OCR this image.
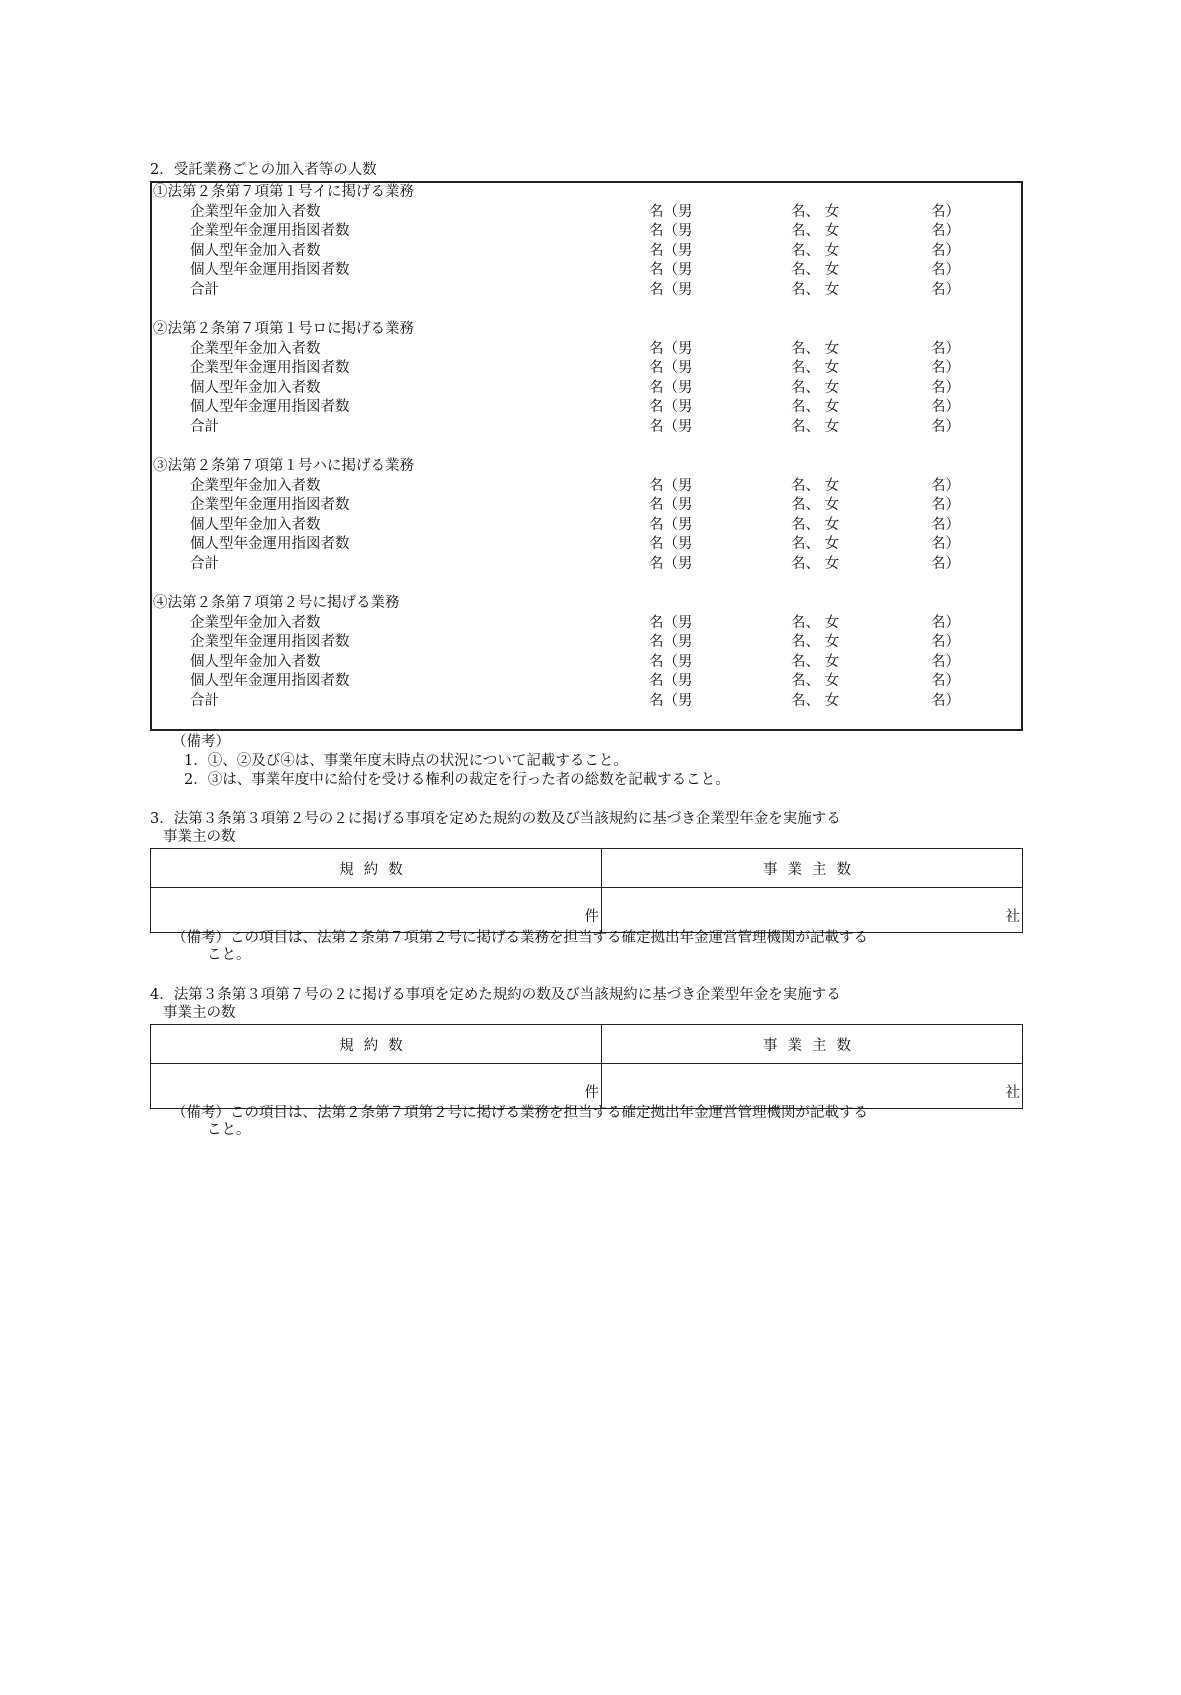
2．受託業務ごとの加入者等の人数
①法第２条第７項第１号イに掲げる業務
企業型年金加入者数	名（男	名、 女	名）
企業型年金運用指図者数	名（男	名、 女	名）
個人型年金加入者数	名（男	名、 女	名）
個人型年金運用指図者数	名（男	名、 女	名）
合計	名（男	名、 女	名）
②法第２条第７項第１号ロに掲げる業務
企業型年金加入者数	名（男	名、 女	名）
企業型年金運用指図者数	名（男	名、 女	名）
個人型年金加入者数	名（男	名、 女	名）
個人型年金運用指図者数	名（男	名、 女	名）
合計	名（男	名、 女	名）
③法第２条第７項第１号ハに掲げる業務
企業型年金加入者数	名（男	名、 女	名）
企業型年金運用指図者数	名（男	名、 女	名）
個人型年金加入者数	名（男	名、 女	名）
個人型年金運用指図者数	名（男	名、 女	名）
合計	名（男	名、 女	名）
④法第２条第７項第２号に掲げる業務
企業型年金加入者数	名（男	名、 女	名）
企業型年金運用指図者数	名（男	名、 女	名）
個人型年金加入者数	名（男	名、 女	名）
個人型年金運用指図者数	名（男	名、 女	名）
合計	名（男	名、 女	名）
（備考）
1．①、②及び④は、事業年度末時点の状況について記載すること。
2．③は、事業年度中に給付を受ける権利の裁定を行った者の総数を記載すること。
3．法第３条第３項第２号の２に掲げる事項を定めた規約の数及び当該規約に基づき企業型年金を実施する
事業主の数
規約数	事業主数
件	社
（備考）この項目は、法第２条第７項第２号に掲げる業務を担当する確定拠出年金運営管理機関が記載する
こと。
4．法第３条第３項第７号の２に掲げる事項を定めた規約の数及び当該規約に基づき企業型年金を実施する
事業主の数
規約数	事業主数
件	社
（備考）この項目は、法第２条第７項第２号に掲げる業務を担当する確定拠出年金運営管理機関が記載する
こと。
